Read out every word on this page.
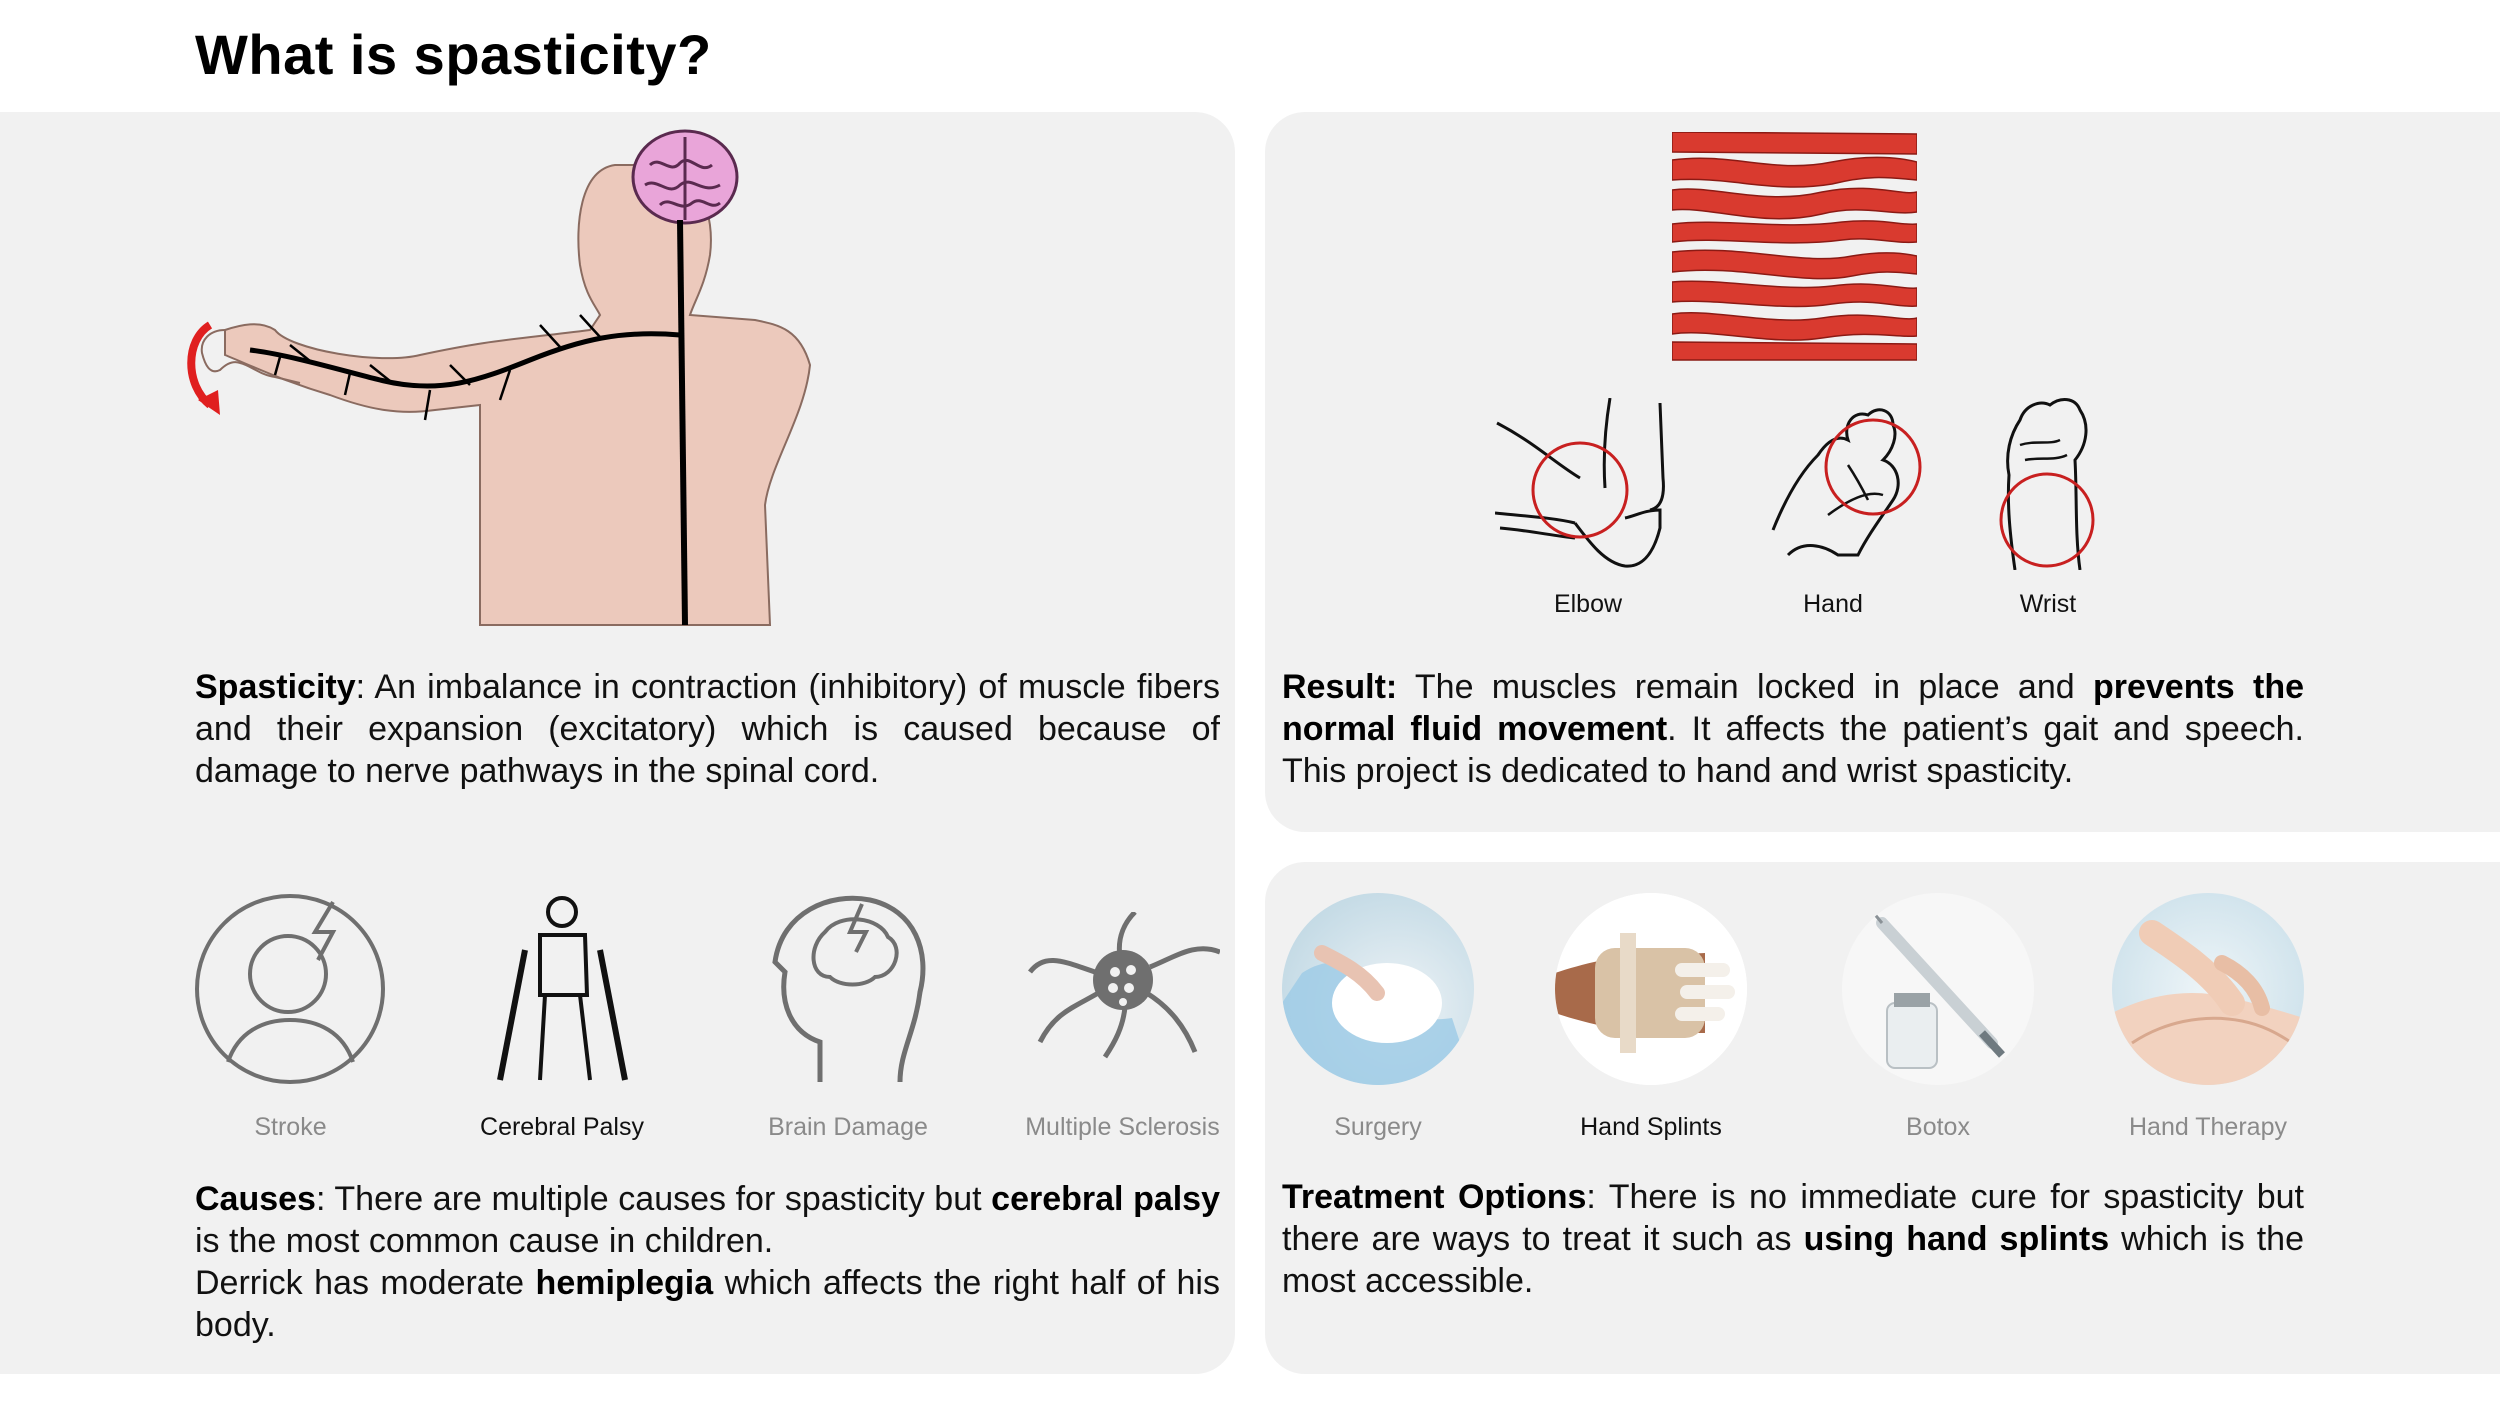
What is spasticity?
Spasticity: An imbalance in contraction (inhibitory) of muscle fibers and their expansion (excitatory) which is caused because of damage to nerve pathways in the spinal cord.
Stroke	Cerebral Palsy	Brain Damage	Multiple Sclerosis
Causes: There are multiple causes for spasticity but cerebral palsy is the most common cause in children.
Derrick has moderate hemiplegia which affects the right half of his body.
Elbow	Hand	Wrist
Result: The muscles remain locked in place and prevents the normal fluid movement. It affects the patient’s gait and speech. This project is dedicated to hand and wrist spasticity.
Surgery	Hand Splints	Botox	Hand Therapy
Treatment Options: There is no immediate cure for spasticity but there are ways to treat it such as using hand splints which is the most accessible.
